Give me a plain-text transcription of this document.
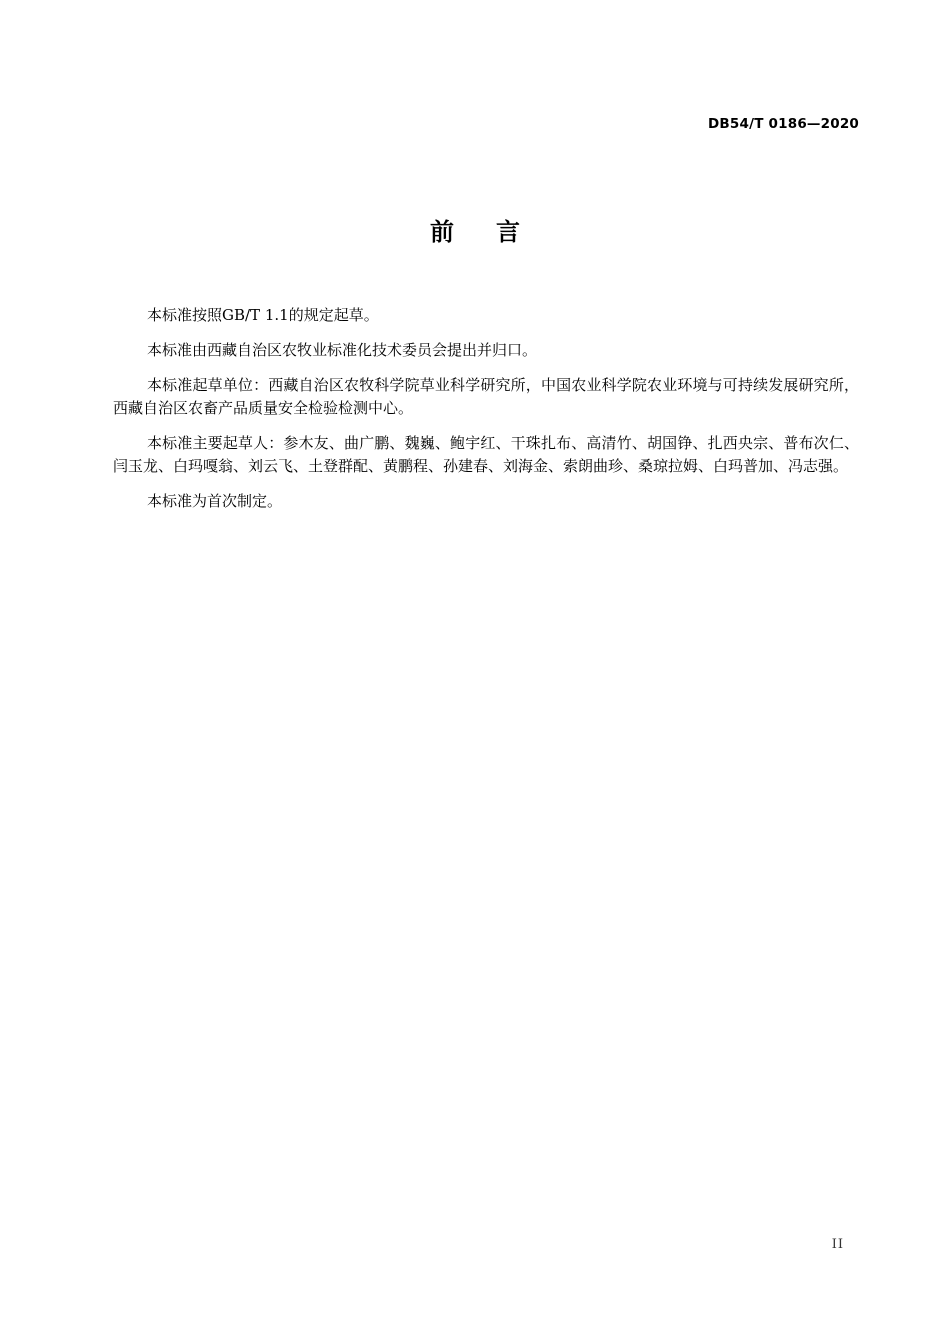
DB54/T 0186—2020
前言

本标准按照GB/T 1.1的规定起草。

本标准由西藏自治区农牧业标准化技术委员会提出并归口。

本标准起草单位：西藏自治区农牧科学院草业科学研究所，中国农业科学院农业环境与可持续发展研究所，西藏自治区农畜产品质量安全检验检测中心。

本标准主要起草人：参木友、曲广鹏、魏巍、鲍宇红、干珠扎布、高清竹、胡国铮、扎西央宗、普布次仁、闫玉龙、白玛嘎翁、刘云飞、土登群配、黄鹏程、孙建春、刘海金、索朗曲珍、桑琼拉姆、白玛普加、冯志强。

本标准为首次制定。

II
